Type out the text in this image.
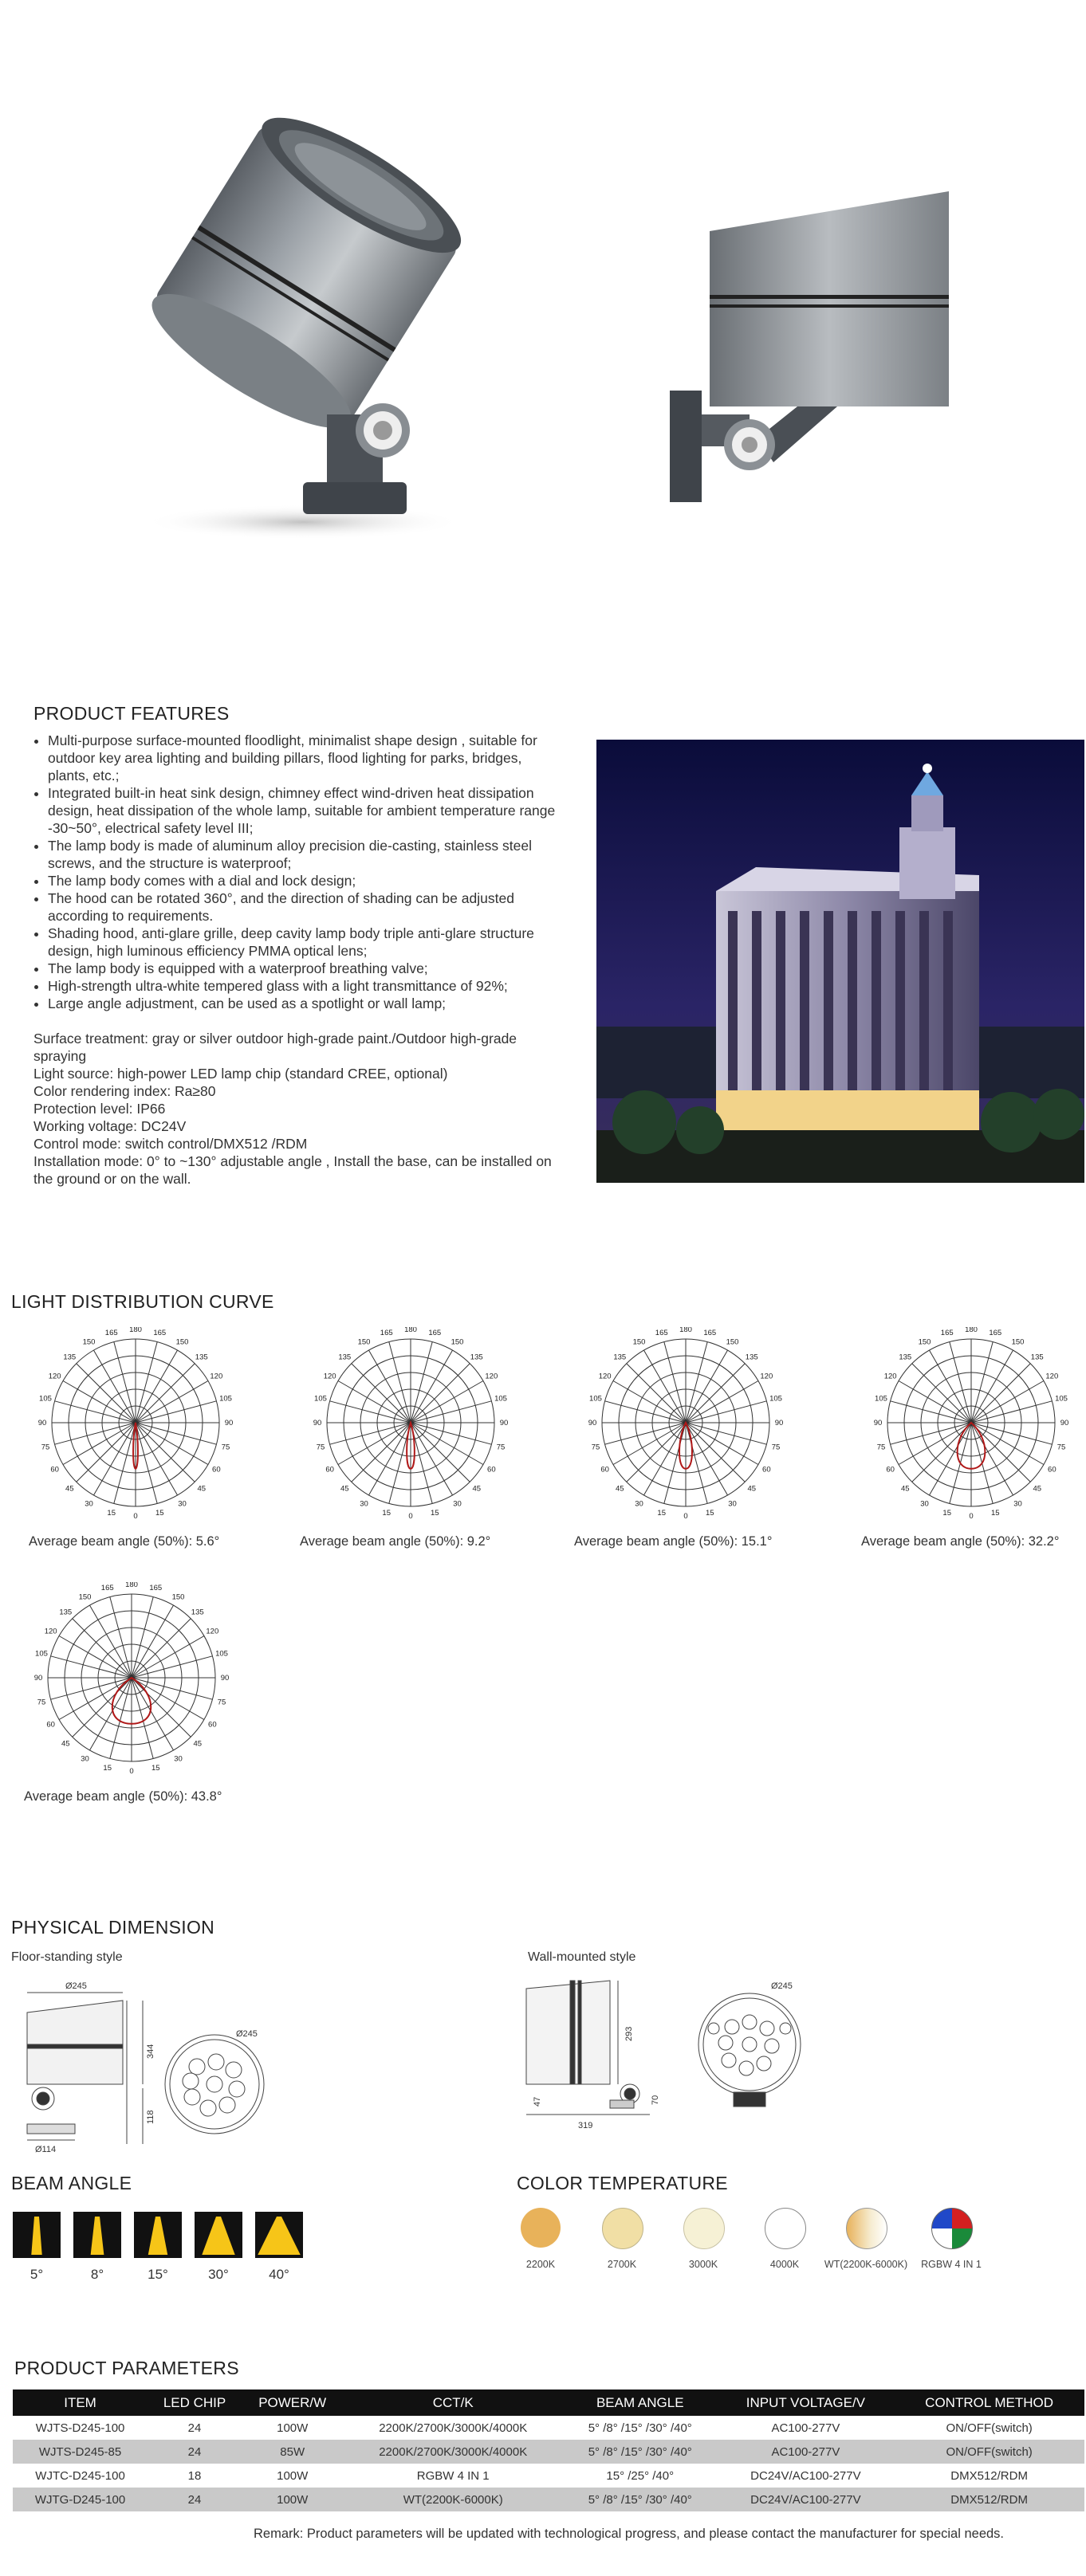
PRODUCT FEATURES
• Multi-purpose surface-mounted floodlight, minimalist shape design , suitable for outdoor key area lighting and building pillars, flood lighting for parks, bridges, plants, etc.;
• Integrated built-in heat sink design, chimney effect wind-driven heat dissipation design, heat dissipation of the whole lamp, suitable for ambient temperature range -30~50°, electrical safety level III;
• The lamp body is made of aluminum alloy precision die-casting, stainless steel screws, and the structure is waterproof;
• The lamp body comes with a dial and lock design;
• The hood can be rotated 360°, and the direction of shading can be adjusted according to requirements.
• Shading hood, anti-glare grille, deep cavity lamp body triple anti-glare structure design, high luminous efficiency PMMA optical lens;
• The lamp body is equipped with a waterproof breathing valve;
• High-strength ultra-white tempered glass with a light transmittance of 92%;
• Large angle adjustment, can be used as a spotlight or wall lamp;
Surface treatment: gray or silver outdoor high-grade paint./Outdoor high-grade spraying
Light source: high-power LED lamp chip (standard CREE, optional)
Color rendering index: Ra≥80
Protection level: IP66
Working voltage: DC24V
Control mode: switch control/DMX512 /RDM
Installation mode: 0° to ~130° adjustable angle , Install the base, can be installed on the ground or on the wall.
LIGHT DISTRIBUTION CURVE
180
165	165
150	150
135	135
120	120
105	105
90	90
75	75
60	60
45	45
30	30
15	15
0
Average beam angle (50%): 5.6°
180
165	165
150	150
135	135
120	120
105	105
90	90
75	75
60	60
45	45
30	30
15	15
0
Average beam angle (50%): 9.2°
180
165	165
150	150
135	135
120	120
105	105
90	90
75	75
60	60
45	45
30	30
15	15
0
Average beam angle (50%): 15.1°
180
165	165
150	150
135	135
120	120
105	105
90	90
75	75
60	60
45	45
30	30
15	15
0
Average beam angle (50%): 32.2°
180
165	165
150	150
135	135
120	120
105	105
90	90
75	75
60	60
45	45
30	30
15	15
0
Average beam angle (50%): 43.8°
PHYSICAL DIMENSION
Floor-standing style	Wall-mounted style
Ø245
344
118
Ø114
Ø245	293
319
47	70
Ø245
BEAM ANGLE
5°	8°	15°	30°	40°
COLOR TEMPERATURE
2200K	2700K	3000K	4000K	WT(2200K-6000K)	RGBW 4 IN 1
PRODUCT PARAMETERS
ITEM	LED CHIP	POWER/W	CCT/K	BEAM ANGLE	INPUT VOLTAGE/V	CONTROL METHOD
WJTS-D245-100	24	100W	2200K/2700K/3000K/4000K	5° /8° /15° /30° /40°	AC100-277V	ON/OFF(switch)
WJTS-D245-85	24	85W	2200K/2700K/3000K/4000K	5° /8° /15° /30° /40°	AC100-277V	ON/OFF(switch)
WJTC-D245-100	18	100W	RGBW 4 IN 1	15° /25° /40°	DC24V/AC100-277V	DMX512/RDM
WJTG-D245-100	24	100W	WT(2200K-6000K)	5° /8° /15° /30° /40°	DC24V/AC100-277V	DMX512/RDM
Remark: Product parameters will be updated with technological progress, and please contact the manufacturer for special needs.
